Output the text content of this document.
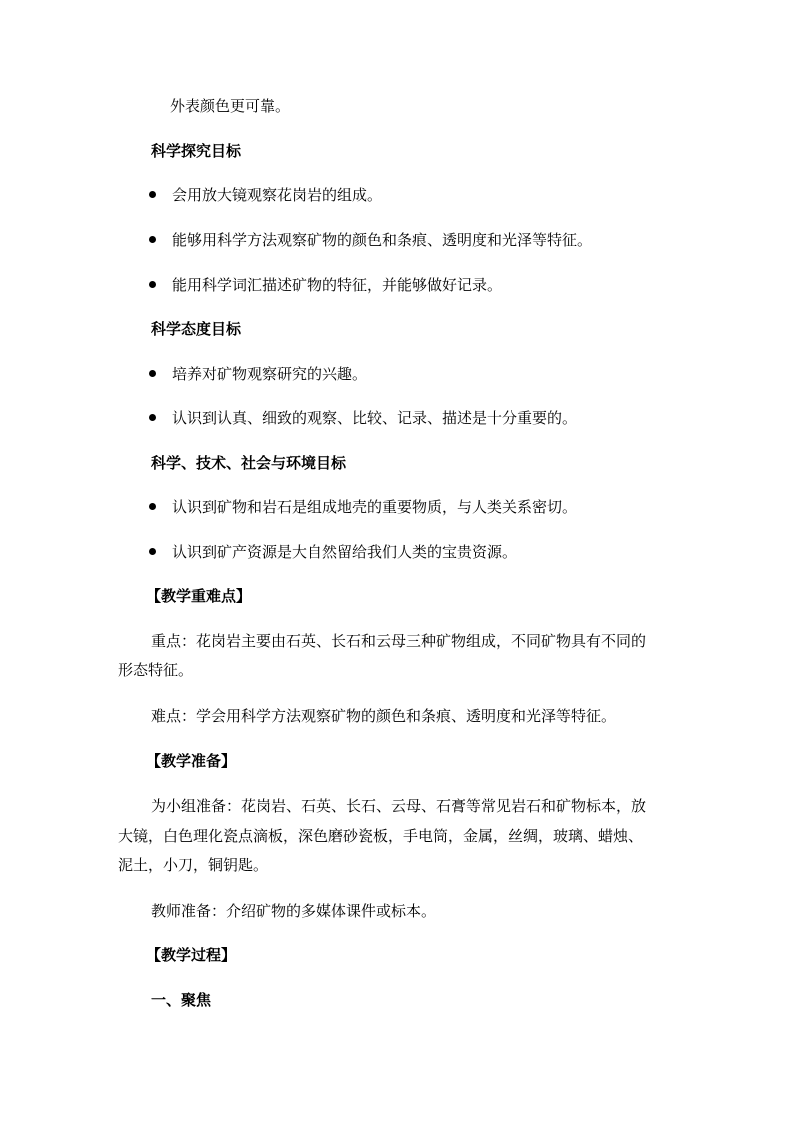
外表颜色更可靠。
科学探究目标
会用放大镜观察花岗岩的组成。
能够用科学方法观察矿物的颜色和条痕、透明度和光泽等特征。
能用科学词汇描述矿物的特征，并能够做好记录。
科学态度目标
培养对矿物观察研究的兴趣。
认识到认真、细致的观察、比较、记录、描述是十分重要的。
科学、技术、社会与环境目标
认识到矿物和岩石是组成地壳的重要物质，与人类关系密切。
认识到矿产资源是大自然留给我们人类的宝贵资源。
【教学重难点】
重点：花岗岩主要由石英、长石和云母三种矿物组成，不同矿物具有不同的
形态特征。
难点：学会用科学方法观察矿物的颜色和条痕、透明度和光泽等特征。
【教学准备】
为小组准备：花岗岩、石英、长石、云母、石膏等常见岩石和矿物标本，放
大镜，白色理化瓷点滴板，深色磨砂瓷板，手电筒，金属，丝绸，玻璃、蜡烛、
泥土，小刀，铜钥匙。
教师准备：介绍矿物的多媒体课件或标本。
【教学过程】
一、聚焦
